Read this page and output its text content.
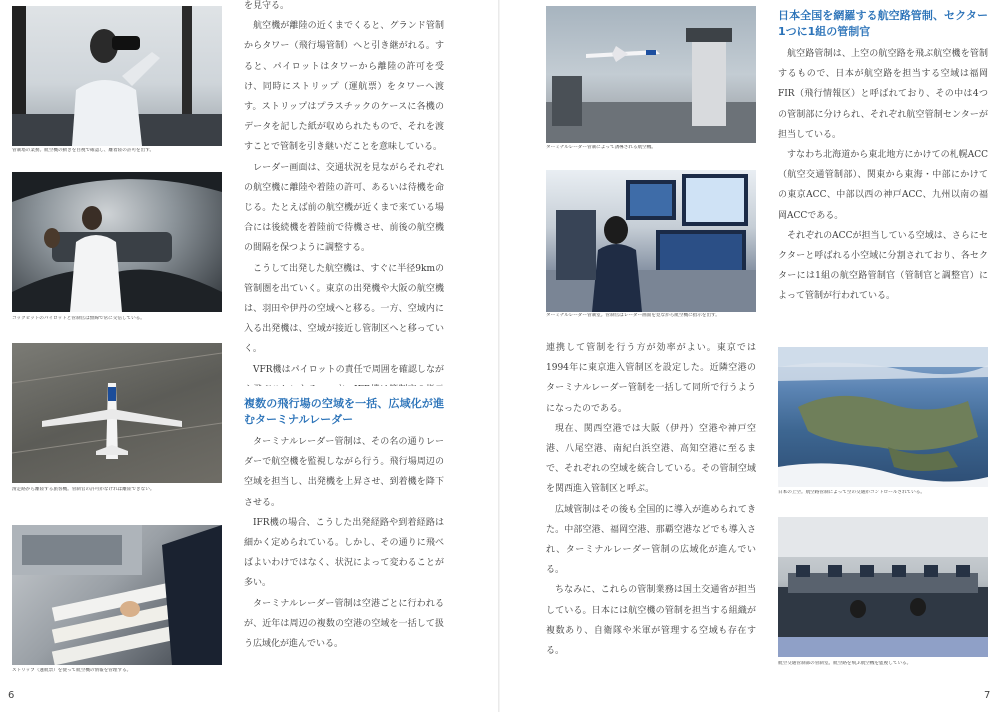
管制塔の業務。航空機の動きを目視で確認し、離着陸の許可を出す。
コックピットのパイロットと管制官は無線で常に交信している。
滑走路から離陸する旅客機。管制官の許可がなければ離陸できない。
ストリップ（運航票）を使って航空機の情報を管理する。

を見守る。

航空機が離陸の近くまでくると、グランド管制からタワー（飛行場管制）へと引き継がれる。すると、パイロットはタワーから離陸の許可を受け、同時にストリップ（運航票）をタワーへ渡す。ストリップはプラスチックのケースに各機のデータを記した紙が収められたもので、それを渡すことで管制を引き継いだことを意味している。

レーダー画面は、交通状況を見ながらそれぞれの航空機に離陸や着陸の許可、あるいは待機を命じる。たとえば前の航空機が近くまで来ている場合には後続機を着陸前で待機させ、前後の航空機の間隔を保つように調整する。

こうして出発した航空機は、すぐに半径9kmの管制圏を出ていく。東京の出発機や大阪の航空機は、羽田や伊丹の空域へと移る。一方、空域内に入る出発機は、空域が接近し管制区へと移っていく。

VFR機はパイロットの責任で周囲を確認しなが

複数の飛行場の空域を一括、広域化が進むターミナルレーダー

ターミナルレーダー管制は、その名の通りレーダーで航空機を監視しながら行う。飛行場周辺の空域を担当し、出発機を上昇させ、到着機を降下させる。

IFR機の場合、こうした出発経路や到着経路は細かく定められている。しかし、その通りに飛べばよいわけではなく、状況によって変わることが多い。

ターミナルレーダー管制は空港ごとに行われるが、近年は周辺の複数の空港の空域を一括して扱う広域化が進んでいる。

6
ターミナルレーダー管制によって誘導される航空機。
ターミナルレーダー管制室。管制官はレーダー画面を見ながら航空機に指示を出す。
日本の上空。航空路管制によって空の交通がコントロールされている。
航空交通管制部の管制室。航空路を飛ぶ航空機を監視している。

連携して管制を行う方が効率がよい。東京では1994年に東京進入管制区を設定した。近隣空港のターミナルレーダー管制を一括して同所で行うようになったのである。

現在、関西空港では大阪（伊丹）空港や神戸空港、八尾空港、南紀白浜空港、高知空港に至るまで、それぞれの空域を統合している。その管制空域を関西進入管制区と呼ぶ。

広域管制はその後も全国的に導入が進められてきた。中部空港、福岡空港、那覇空港などでも導入され、ターミナルレーダー管制の広域化が進んでいる。

ちなみに、これらの管制業務は国土交通省が担当している。日本には航空機の管制を担当する組織が複数あり、自衛隊や米軍が管理する空域も存在する。

日本全国を網羅する航空路管制、セクター1つに1組の管制官

航空路管制は、上空の航空路を飛ぶ航空機を管制するもので、日本が航空路を担当する空域は福岡FIR（飛行情報区）と呼ばれており、その中は4つの管制部に分けられ、それぞれ航空管制センターが担当している。

すなわち北海道から東北地方にかけての札幌ACC（航空交通管制部）、関東から東海・中部にかけての東京ACC、中部以西の神戸ACC、九州以南の福岡ACCである。

それぞれのACCが担当している空域は、さらにセクターと呼ばれる小空域に分割されており、各セクターには1組の航空路管制官（管制官と調整官）によって管制が行われている。

7
